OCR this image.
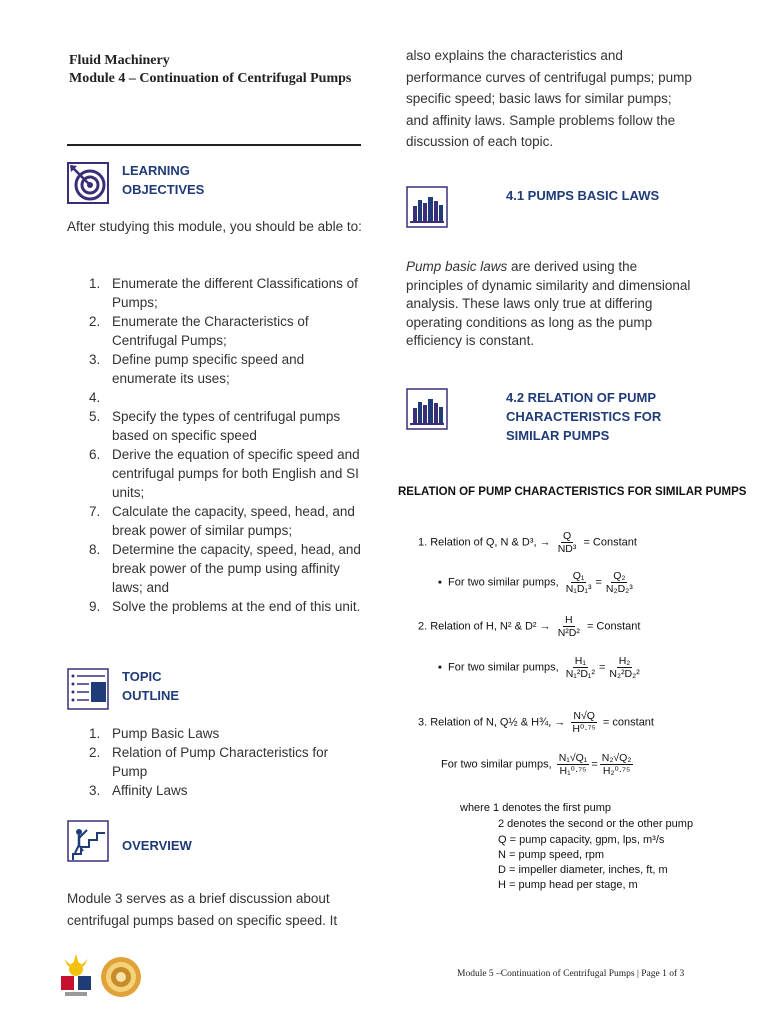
Fluid Machinery
Module 4 – Continuation of Centrifugal Pumps
LEARNING
OBJECTIVES
After studying this module, you should be able to:
1. Enumerate the different Classifications of Pumps;
2. Enumerate the Characteristics of Centrifugal Pumps;
3. Define pump specific speed and enumerate its uses;
4.
5. Specify the types of centrifugal pumps based on specific speed
6. Derive the equation of specific speed and centrifugal pumps for both English and SI units;
7. Calculate the capacity, speed, head, and break power of similar pumps;
8. Determine the capacity, speed, head, and break power of the pump using affinity laws; and
9. Solve the problems at the end of this unit.
TOPIC
OUTLINE
1. Pump Basic Laws
2. Relation of Pump Characteristics for Pump
3. Affinity Laws
OVERVIEW
Module 3 serves as a brief discussion about centrifugal pumps based on specific speed. It
also explains the characteristics and performance curves of centrifugal pumps; pump specific speed; basic laws for similar pumps; and affinity laws. Sample problems follow the discussion of each topic.
4.1 PUMPS BASIC LAWS
Pump basic laws are derived using the principles of dynamic similarity and dimensional analysis. These laws only true at differing operating conditions as long as the pump efficiency is constant.
4.2 RELATION OF PUMP
CHARACTERISTICS FOR
SIMILAR PUMPS
RELATION OF PUMP CHARACTERISTICS FOR SIMILAR PUMPS
1. Relation of Q, N & D³, → $\frac{Q}{\text{ND³}}$ = Constant
▪  For two similar pumps, $\frac{\text{Q₁}}{\text{N₁D₁³}} = \frac{\text{Q₂}}{\text{N₂D₂³}}$
2. Relation of H, N² & $D^2 \to \frac{H}{\text{N²D²}}$ = Constant
▪  For two similar pumps, $\frac{\text{H₁}}{\text{N₁²D₁²}} = \frac{\text{H₂}}{\text{N₂²D₂²}}$
3. Relation of N, Q½ & H¾, → $\frac{N√Q}{\text{H⁰·⁷⁵}}$ = constant
For two similar pumps, $\frac{\text{N₁√Q₁}}{\text{H₁⁰·⁷⁵}} = \frac{\text{N₂√Q₂}}{\text{H₂⁰·⁷⁵}}$
where 1 denotes the first pump
2 denotes the second or the other pump
Q = pump capacity, gpm, lps, m³/s
N = pump speed, rpm
D = impeller diameter, inches, ft, m
H = pump head per stage, m
Module 5 –Continuation of Centrifugal Pumps | Page 1 of 3
